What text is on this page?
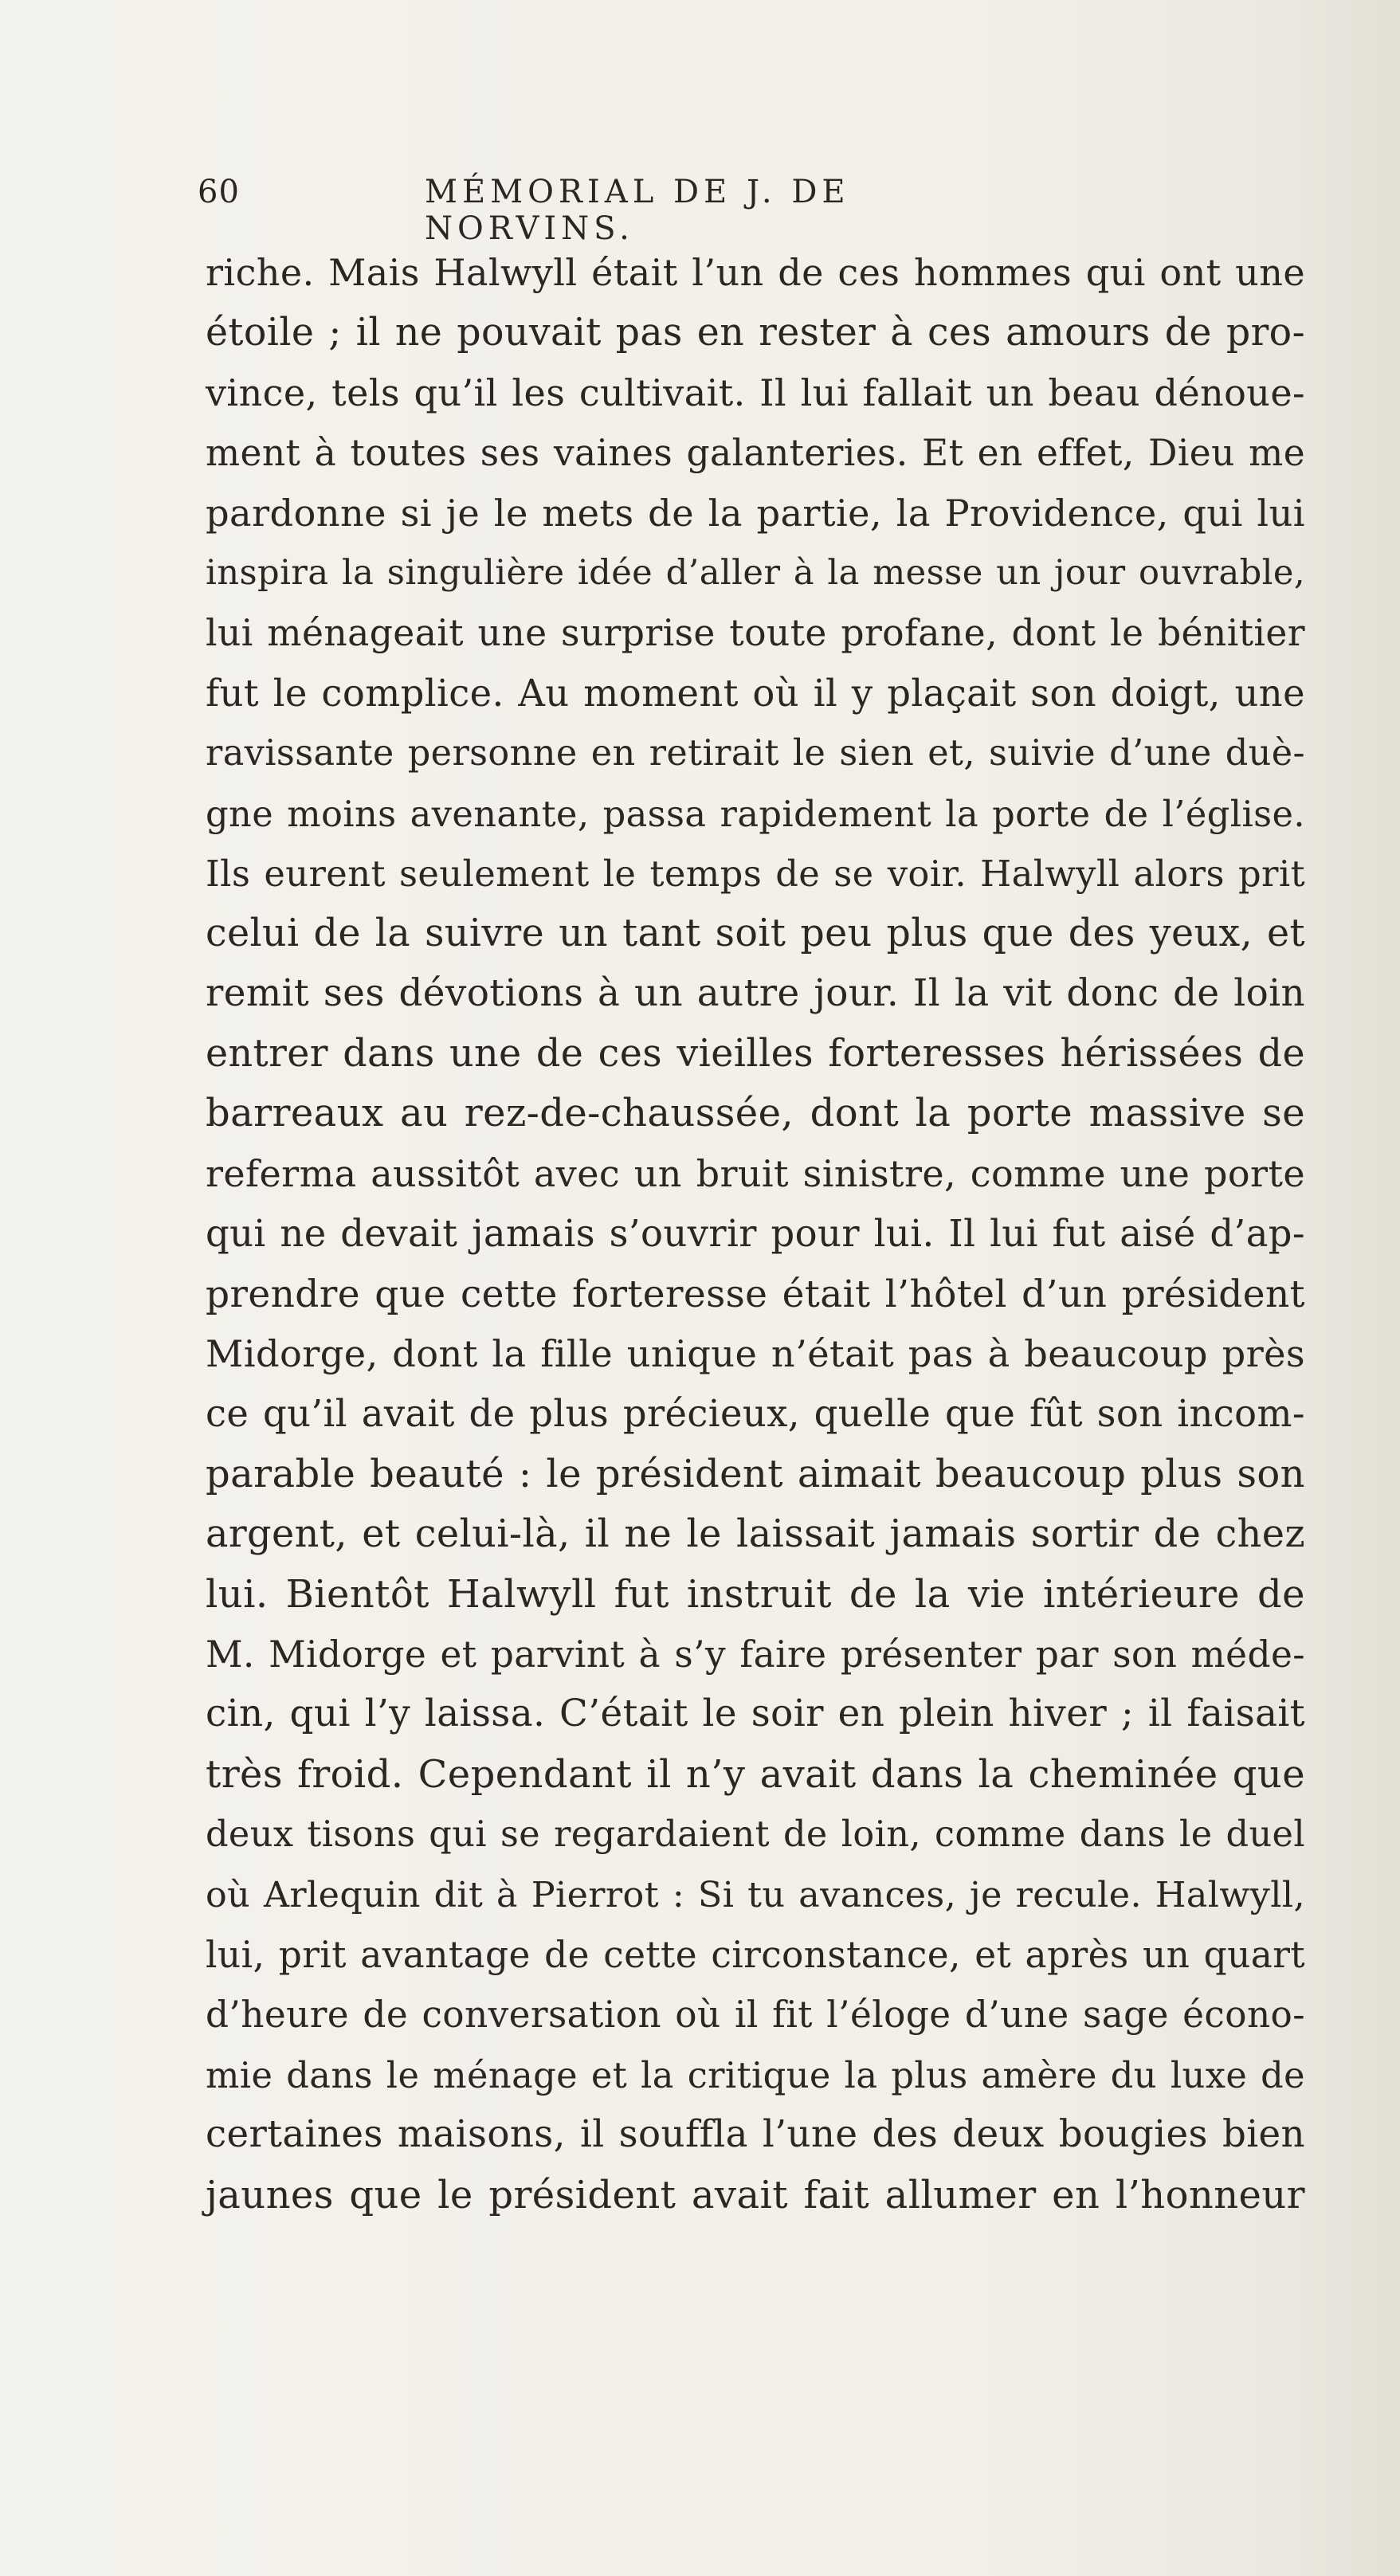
60	MÉMORIAL DE J. DE NORVINS.
riche. Mais Halwyll était l’un de ces hommes qui ont une
étoile ; il ne pouvait pas en rester à ces amours de pro-
vince, tels qu’il les cultivait. Il lui fallait un beau dénoue-
ment à toutes ses vaines galanteries. Et en effet, Dieu me
pardonne si je le mets de la partie, la Providence, qui lui
inspira la singulière idée d’aller à la messe un jour ouvrable,
lui ménageait une surprise toute profane, dont le bénitier
fut le complice. Au moment où il y plaçait son doigt, une
ravissante personne en retirait le sien et, suivie d’une duè-
gne moins avenante, passa rapidement la porte de l’église.
Ils eurent seulement le temps de se voir. Halwyll alors prit
celui de la suivre un tant soit peu plus que des yeux, et
remit ses dévotions à un autre jour. Il la vit donc de loin
entrer dans une de ces vieilles forteresses hérissées de
barreaux au rez-de-chaussée, dont la porte massive se
referma aussitôt avec un bruit sinistre, comme une porte
qui ne devait jamais s’ouvrir pour lui. Il lui fut aisé d’ap-
prendre que cette forteresse était l’hôtel d’un président
Midorge, dont la fille unique n’était pas à beaucoup près
ce qu’il avait de plus précieux, quelle que fût son incom-
parable beauté : le président aimait beaucoup plus son
argent, et celui-là, il ne le laissait jamais sortir de chez
lui. Bientôt Halwyll fut instruit de la vie intérieure de
M. Midorge et parvint à s’y faire présenter par son méde-
cin, qui l’y laissa. C’était le soir en plein hiver ; il faisait
très froid. Cependant il n’y avait dans la cheminée que
deux tisons qui se regardaient de loin, comme dans le duel
où Arlequin dit à Pierrot : Si tu avances, je recule. Halwyll,
lui, prit avantage de cette circonstance, et après un quart
d’heure de conversation où il fit l’éloge d’une sage écono-
mie dans le ménage et la critique la plus amère du luxe de
certaines maisons, il souffla l’une des deux bougies bien
jaunes que le président avait fait allumer en l’honneur
